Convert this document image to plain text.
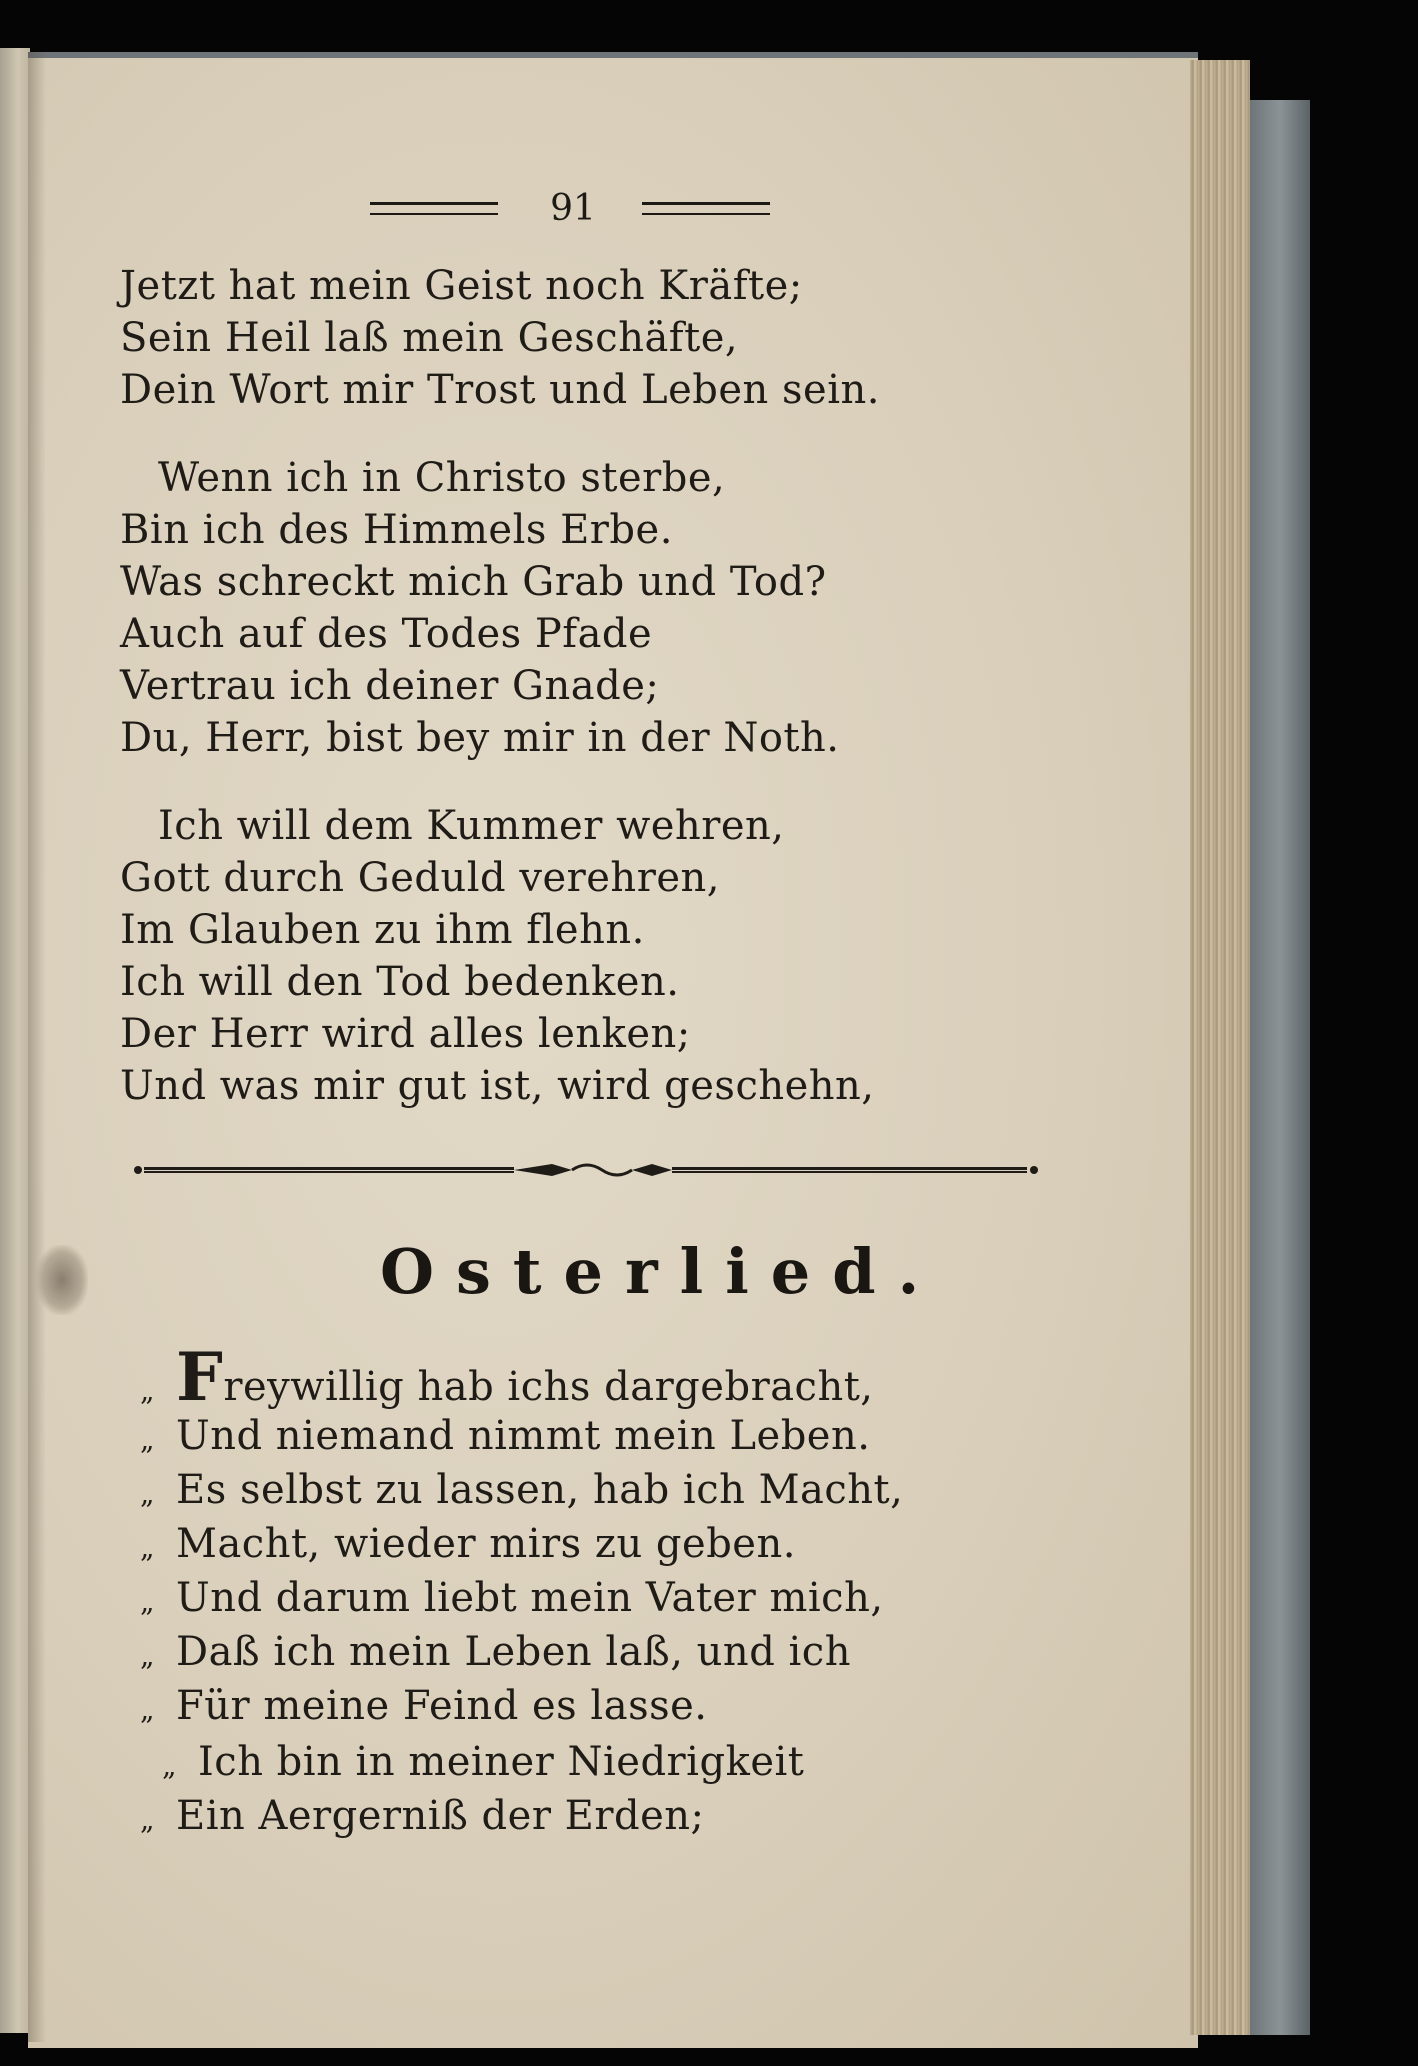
91
Jetzt hat mein Geist noch Kräfte;
Sein Heil laß mein Geschäfte,
Dein Wort mir Trost und Leben sein.
Wenn ich in Christo sterbe,
Bin ich des Himmels Erbe.
Was schreckt mich Grab und Tod?
Auch auf des Todes Pfade
Vertrau ich deiner Gnade;
Du, Herr, bist bey mir in der Noth.
Ich will dem Kummer wehren,
Gott durch Geduld verehren,
Im Glauben zu ihm flehn.
Ich will den Tod bedenken.
Der Herr wird alles lenken;
Und was mir gut ist, wird geschehn,
Osterlied.
„ Freywillig hab ichs dargebracht,
„ Und niemand nimmt mein Leben.
„ Es selbst zu lassen, hab ich Macht,
„ Macht, wieder mirs zu geben.
„ Und darum liebt mein Vater mich,
„ Daß ich mein Leben laß, und ich
„ Für meine Feind es lasse.
„ Ich bin in meiner Niedrigkeit
„ Ein Aergerniß der Erden;
